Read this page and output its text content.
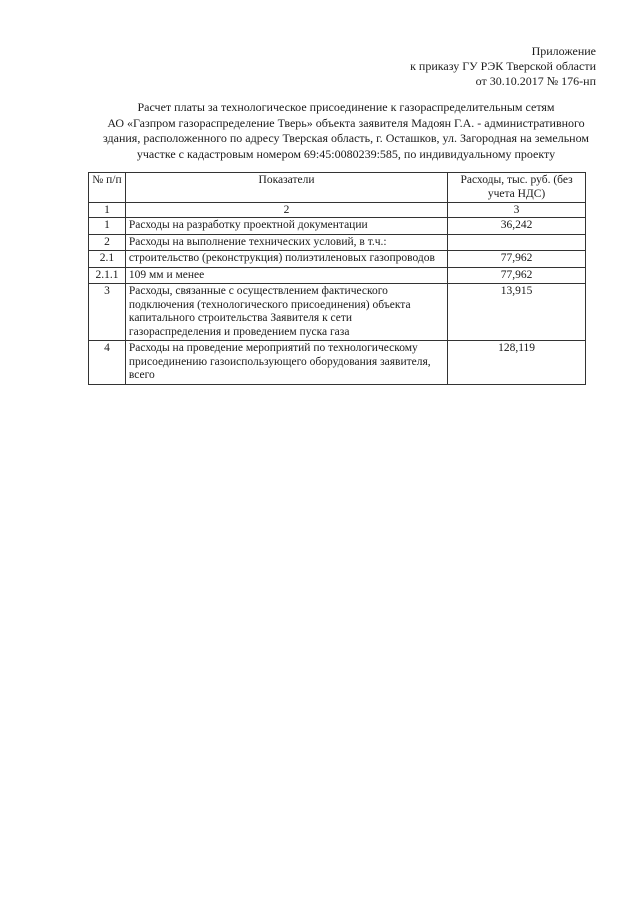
Приложение
к приказу ГУ РЭК Тверской области
от 30.10.2017 № 176-нп
Расчет платы за технологическое присоединение к газораспределительным сетям
АО «Газпром газораспределение Тверь» объекта заявителя Мадоян Г.А. - административного
здания, расположенного по адресу Тверская область, г. Осташков, ул. Загородная на земельном
участке с кадастровым номером 69:45:0080239:585, по индивидуальному проекту
№ п/п	Показатели	Расходы, тыс. руб. (без учета НДС)
1	2	3
1	Расходы на разработку проектной документации	36,242
2	Расходы на выполнение технических условий, в т.ч.:	
2.1	строительство (реконструкция) полиэтиленовых газопроводов	77,962
2.1.1	109 мм и менее	77,962
3	Расходы, связанные с осуществлением фактического подключения (технологического присоединения) объекта капитального строительства Заявителя к сети газораспределения и проведением пуска газа	13,915
4	Расходы на проведение мероприятий по технологическому присоединению газоиспользующего оборудования заявителя, всего	128,119
